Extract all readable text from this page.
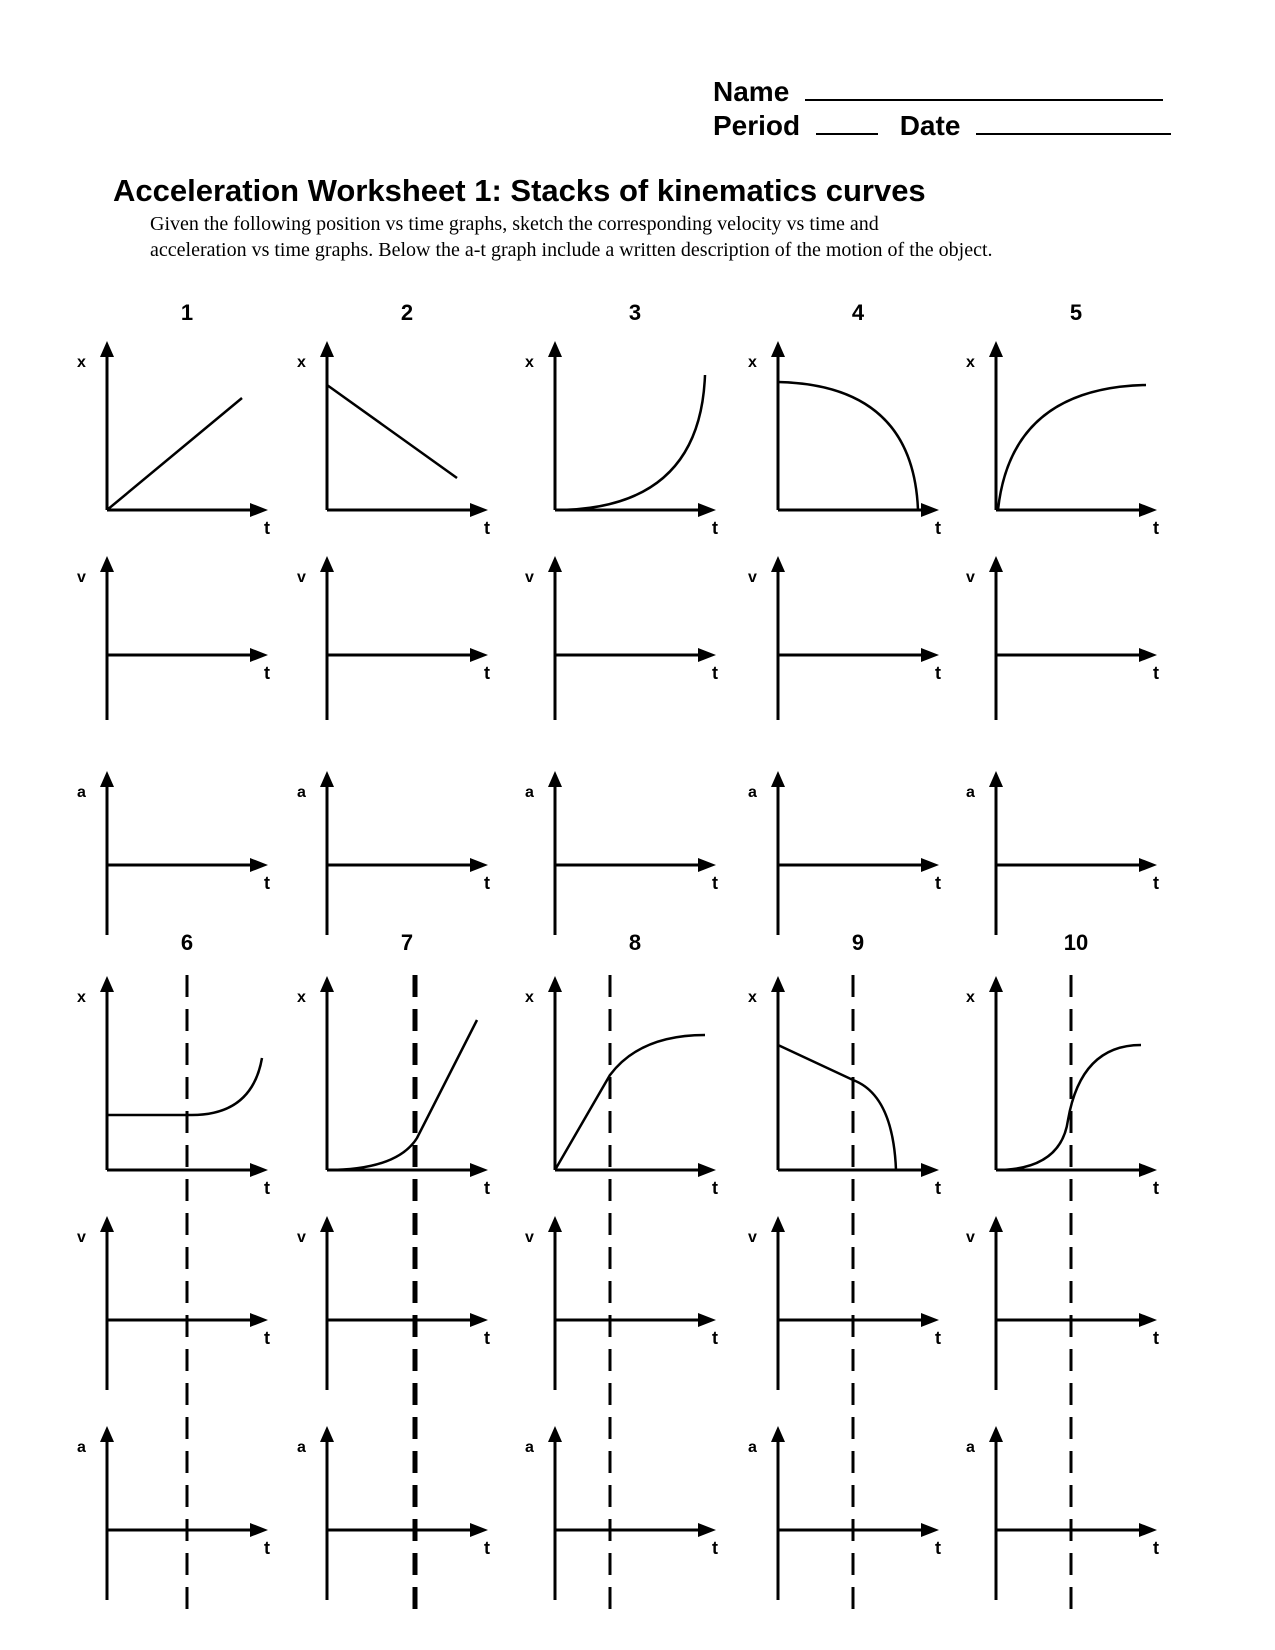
Name
Period	Date
Acceleration Worksheet 1: Stacks of kinematics curves
Given the following position vs time graphs, sketch the corresponding velocity vs time and
acceleration vs time graphs. Below the a-t graph include a written description of the motion of the object.
1
x
t
v
t
a
t
2
x
t
v
t
a
t
3
x
t
v
t
a
t
4
x
t
v
t
a
t
5
x
t
v
t
a
t
6
x
t
v
t
a
t
7
x
t
v
t
a
t
8
x
t
v
t
a
t
9
x
t
v
t
a
t
10
x
t
v
t
a
t
